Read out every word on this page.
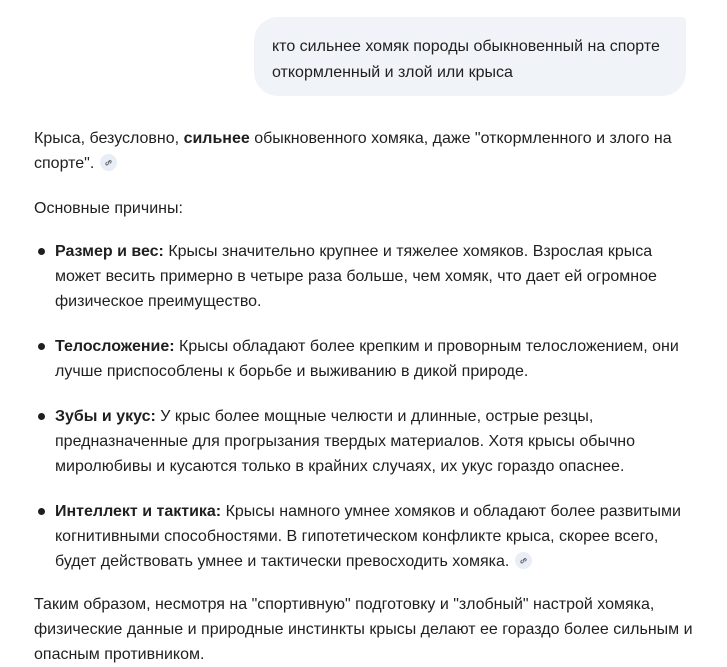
кто сильнее хомяк породы обыкновенный на спорте
откормленный и злой или крыса

Крыса, безусловно, сильнее обыкновенного хомяка, даже "откормленного и злого на спорте".

Основные причины:

Размер и вес: Крысы значительно крупнее и тяжелее хомяков. Взрослая крыса может весить примерно в четыре раза больше, чем хомяк, что дает ей огромное физическое преимущество.
Телосложение: Крысы обладают более крепким и проворным телосложением, они лучше приспособлены к борьбе и выживанию в дикой природе.
Зубы и укус: У крыс более мощные челюсти и длинные, острые резцы, предназначенные для прогрызания твердых материалов. Хотя крысы обычно миролюбивы и кусаются только в крайних случаях, их укус гораздо опаснее.
Интеллект и тактика: Крысы намного умнее хомяков и обладают более развитыми когнитивными способностями. В гипотетическом конфликте крыса, скорее всего, будет действовать умнее и тактически превосходить хомяка.

Таким образом, несмотря на "спортивную" подготовку и "злобный" настрой хомяка, физические данные и природные инстинкты крысы делают ее гораздо более сильным и опасным противником.
